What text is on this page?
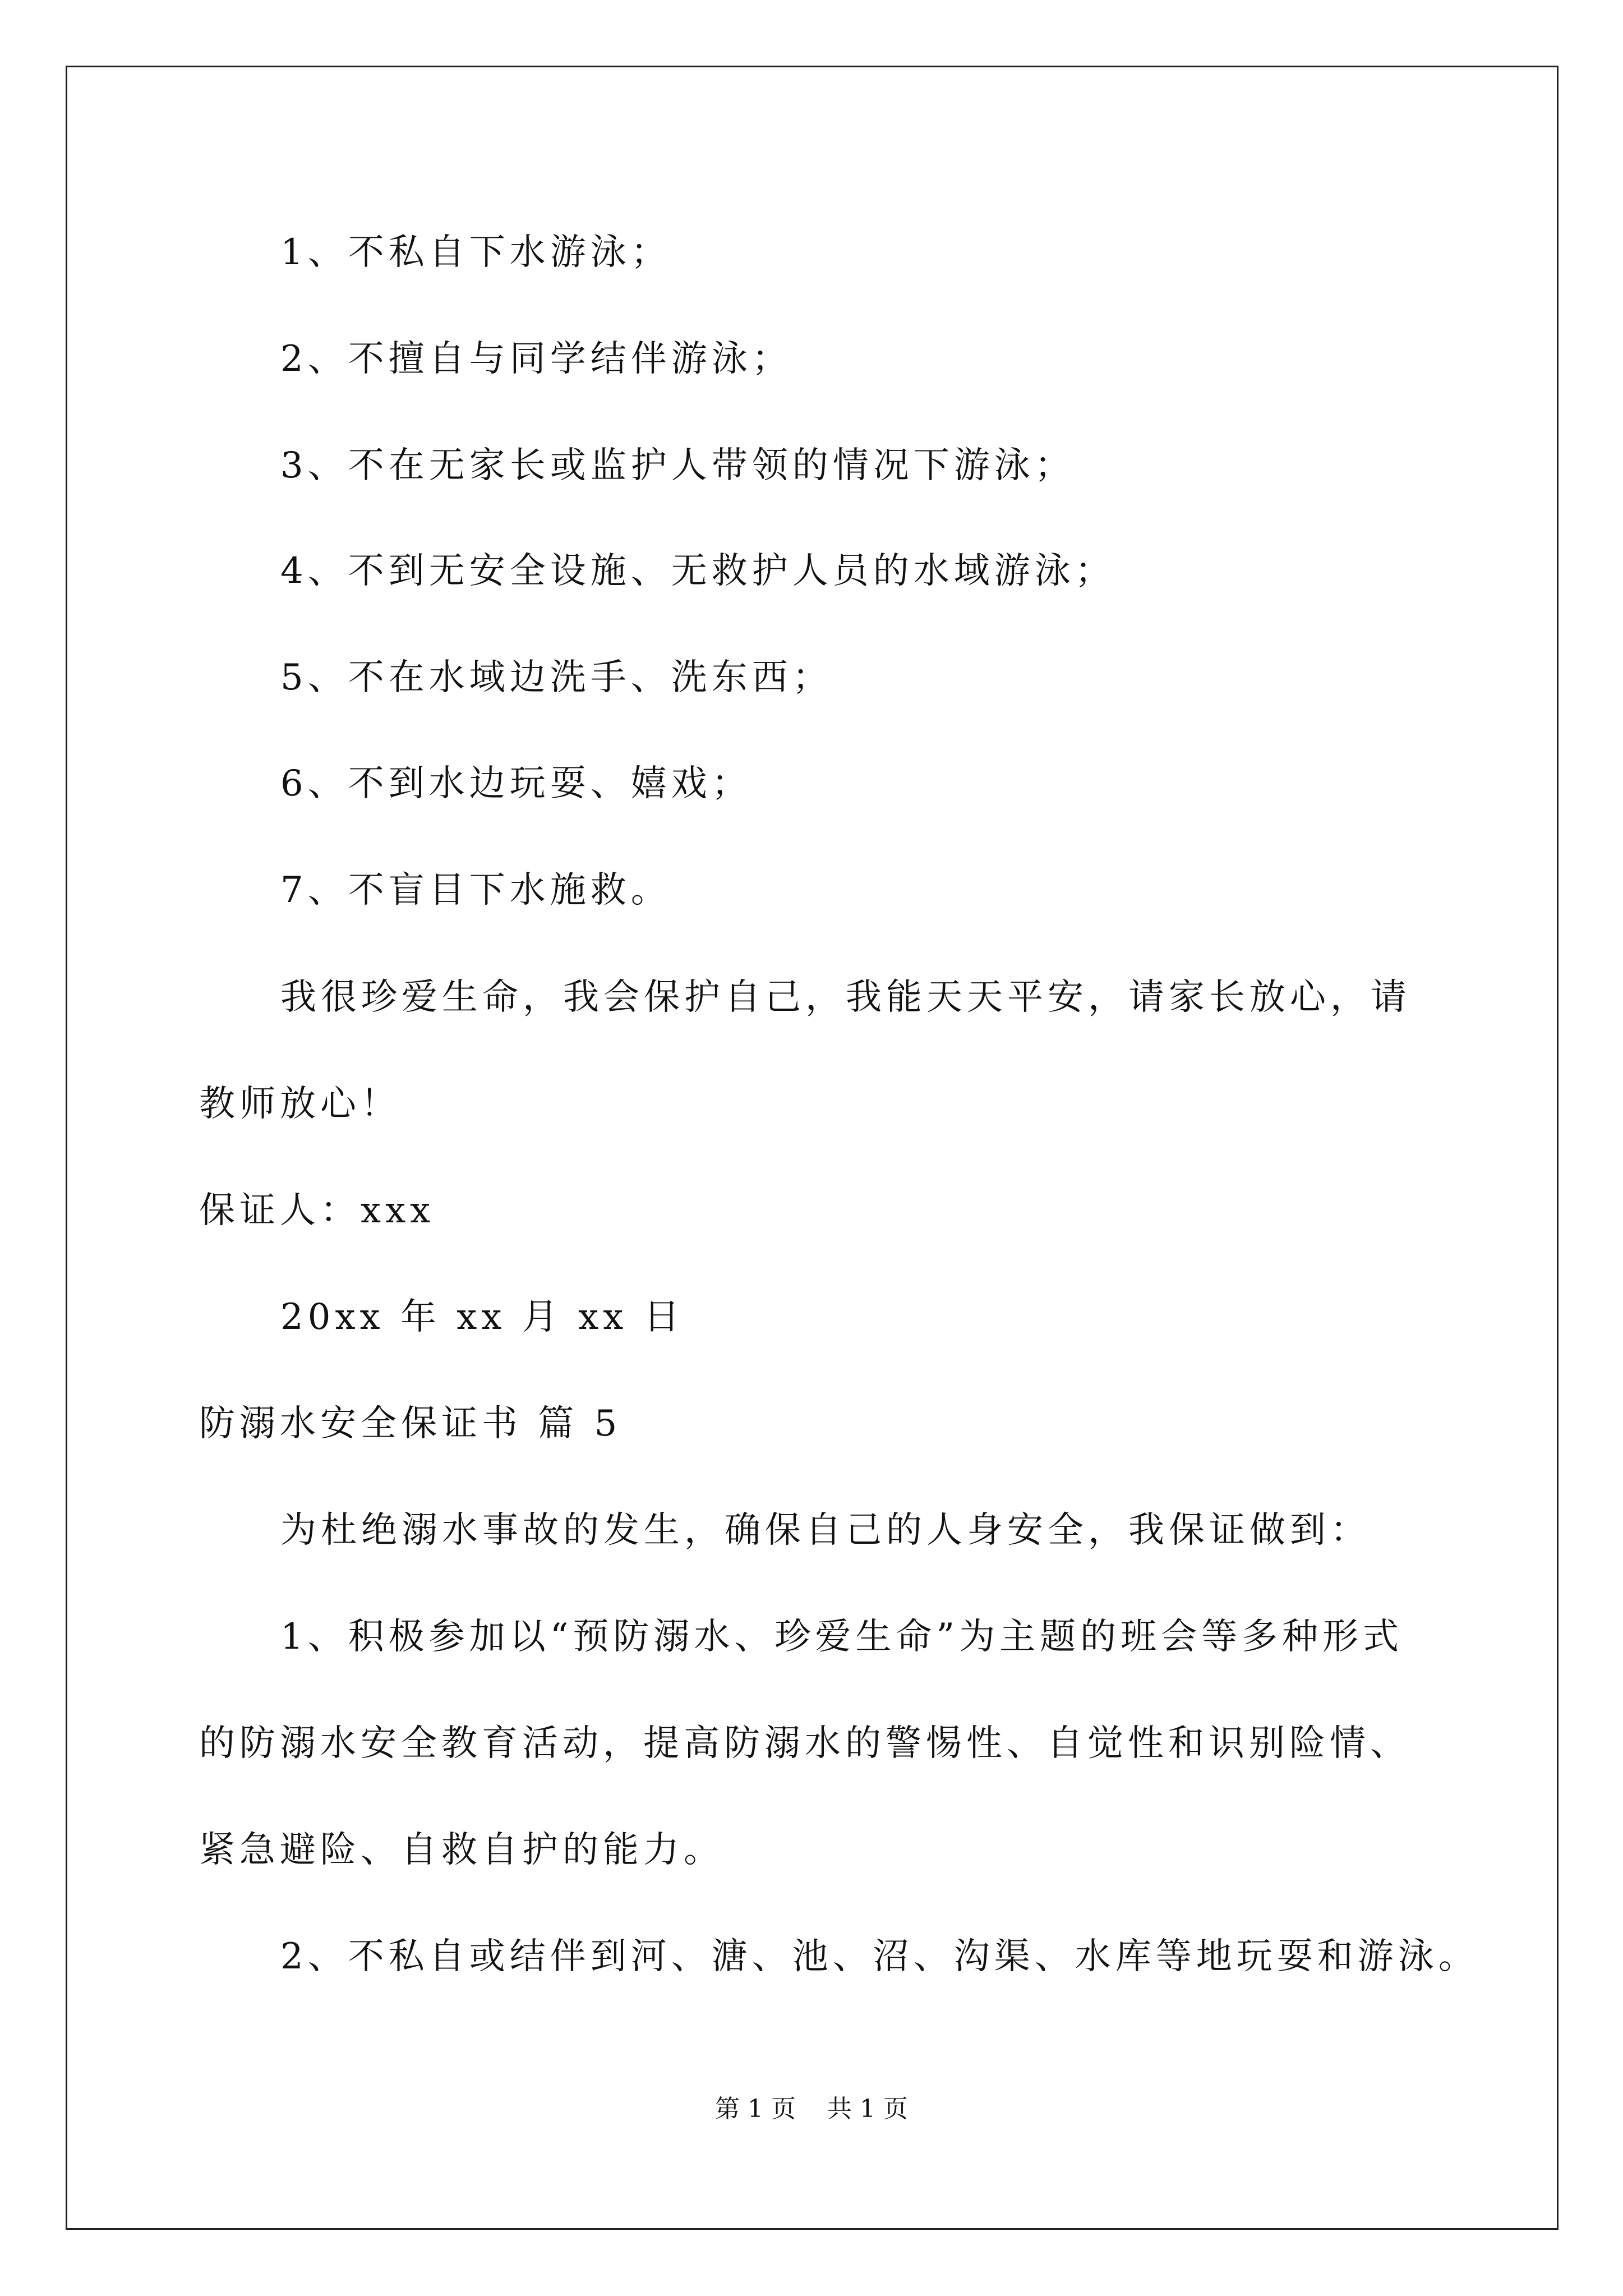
1、不私自下水游泳；
2、不擅自与同学结伴游泳；
3、不在无家长或监护人带领的情况下游泳；
4、不到无安全设施、无救护人员的水域游泳；
5、不在水域边洗手、洗东西；
6、不到水边玩耍、嬉戏；
7、不盲目下水施救。
我很珍爱生命，我会保护自己，我能天天平安，请家长放心，请
教师放心！
保证人：xxx
20xx 年 xx 月 xx 日
防溺水安全保证书 篇 5
为杜绝溺水事故的发生，确保自己的人身安全，我保证做到：
1、积极参加以“预防溺水、珍爱生命”为主题的班会等多种形式
的防溺水安全教育活动，提高防溺水的警惕性、自觉性和识别险情、
紧急避险、自救自护的能力。
2、不私自或结伴到河、溏、池、沼、沟渠、水库等地玩耍和游泳。
第 1 页    共 1 页
